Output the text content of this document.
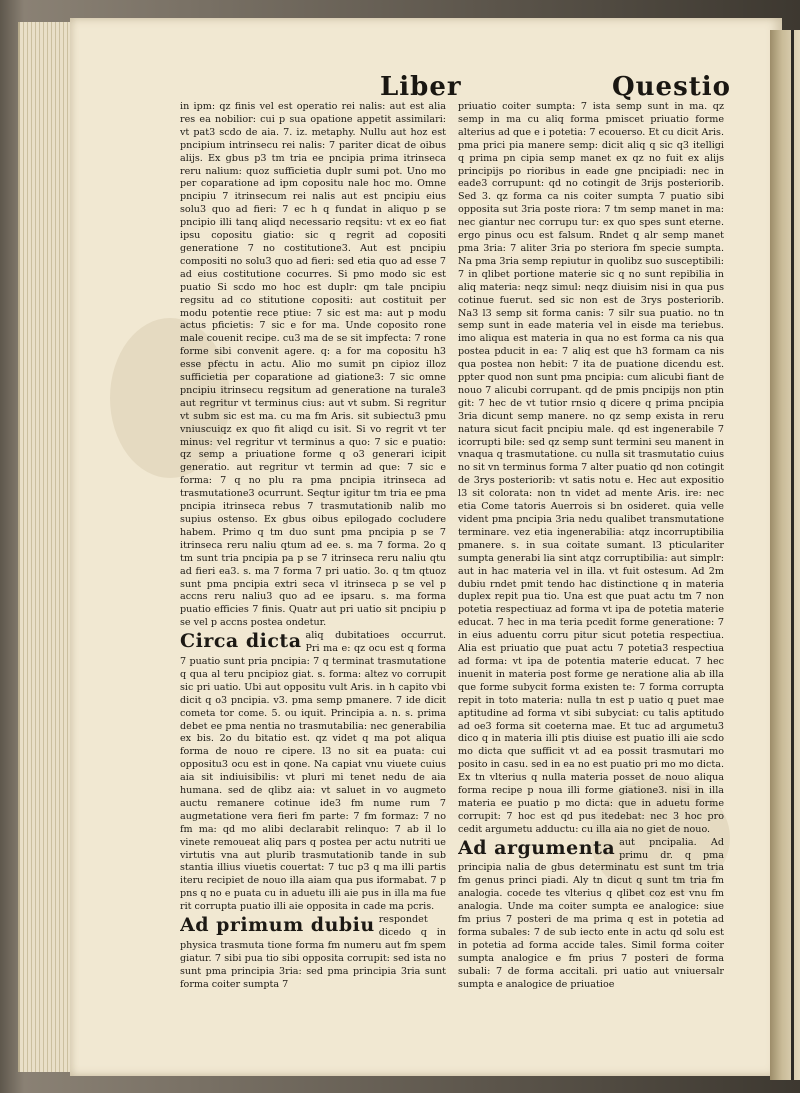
Liber	Questio

in ipm: qz finis vel est operatio rei nalis: aut est alia res ea nobilior: cui p sua opatione appetit assimilari: vt pat3 scdo de aia. 7. iz. metaphy. Nullu aut hoz est pncipium intrinsecu rei nalis: 7 pariter dicat de oibus alijs. Ex gbus p3 tm tria ee pncipia prima itrinseca reru nalium: quoz sufficietia duplr sumi pot. Uno mo per coparatione ad ipm copositu nale hoc mo. Omne pncipiu 7 itrinsecum rei nalis aut est pncipiu eius solu3 quo ad fieri: 7 ec h q fundat in aliquo p se pncipio illi tanq aliqd necessario reqsitu: vt ex eo fiat ipsu copositu giatio: sic q regrit ad copositi generatione 7 no costitutione3. Aut est pncipiu compositi no solu3 quo ad fieri: sed etia quo ad esse 7 ad eius costitutione cocurres. Si pmo modo sic est puatio Si scdo mo hoc est duplr: qm tale pncipiu regsitu ad co stitutione copositi: aut costituit per modu potentie rece ptiue: 7 sic est ma: aut p modu actus pficietis: 7 sic e for ma. Unde coposito rone male couenit recipe. cu3 ma de se sit impfecta: 7 rone forme sibi convenit agere. q: a for ma copositu h3 esse pfectu in actu. Alio mo sumit pn cipioz illoz sufficietia per coparatione ad giatione3: 7 sic omne pncipiu itrinsecu regsitum ad generatione na turale3 aut regritur vt terminus cius: aut vt subm. Si regritur vt subm sic est ma. cu ma fm Aris. sit subiectu3 pmu vniuscuiqz ex quo fit aliqd cu isit. Si vo regrit vt ter minus: vel regritur vt terminus a quo: 7 sic e puatio: qz semp a priuatione forme q o3 generari icipit generatio. aut regritur vt termin ad que: 7 sic e forma: 7 q no plu ra pma pncipia itrinseca ad trasmutatione3 ocurrunt. Seqtur igitur tm tria ee pma pncipia itrinseca rebus 7 trasmutationib nalib mo supius ostenso. Ex gbus oibus epilogado cocludere habem. Primo q tm duo sunt pma pncipia p se 7 itrinseca reru naliu qtum ad ee. s. ma 7 forma. 2o q tm sunt tria pncipia pa p se 7 itrinseca reru naliu qtu ad fieri ea3. s. ma 7 forma 7 pri uatio. 3o. q tm qtuoz sunt pma pncipia extri seca vl itrinseca p se vel p accns reru naliu3 quo ad ee ipsaru. s. ma forma puatio efficies 7 finis. Quatr aut pri uatio sit pncipiu p se vel p accns postea ondetur.

Circa dicta aliq dubitatioes occurrut. Pri ma e: qz ocu est q forma 7 puatio sunt pria pncipia: 7 q terminat trasmutatione q qua al teru pncipioz giat. s. forma: altez vo corrupit sic pri uatio. Ubi aut oppositu vult Aris. in h capito vbi dicit q o3 pncipia. v3. pma semp pmanere. 7 ide dicit cometa tor come. 5. ou iquit. Principia a. n. s. prima debet ee pma nentia no trasmutabilia: nec generabilia ex bis. 2o du bitatio est. qz videt q ma pot aliqua forma de nouo re cipere. l3 no sit ea puata: cui oppositu3 ocu est in qone. Na capiat vnu viuete cuius aia sit indiuisibilis: vt pluri mi tenet nedu de aia humana. sed de qlibz aia: vt saluet in vo augmeto auctu remanere cotinue ide3 fm nume rum 7 augmetatione vera fieri fm parte: 7 fm formaz: 7 no fm ma: qd mo alibi declarabit relinquo: 7 ab il lo vinete remoueat aliq pars q postea per actu nutriti ue virtutis vna aut plurib trasmutationib tande in sub stantia illius viuetis couertat: 7 tuc p3 q ma illi partis iteru recipiet de nouo illa aiam qua pus iformabat. 7 p pns q no e puata cu in aduetu illi aie pus in illa ma fue rit corrupta puatio illi aie opposita in cade ma pcris.

Ad primum dubiu respondet dicedo q in physica trasmuta tione forma fm numeru aut fm spem giatur. 7 sibi pua tio sibi opposita corrupit: sed ista no sunt pma principia 3ria: sed pma principia 3ria sunt forma coiter sumpta 7

priuatio coiter sumpta: 7 ista semp sunt in ma. qz semp in ma cu aliq forma pmiscet priuatio forme alterius ad que e i potetia: 7 ecouerso. Et cu dicit Aris. pma prici pia manere semp: dicit aliq q sic q3 itelligi q prima pn cipia semp manet ex qz no fuit ex alijs principijs po rioribus in eade gne pncipiadi: nec in eade3 corrupunt: qd no cotingit de 3rijs posteriorib. Sed 3. qz forma ca nis coiter sumpta 7 puatio sibi opposita sut 3ria poste riora: 7 tm semp manet in ma: nec giantur nec corrupu tur: ex quo spes sunt eterne. ergo pinus ocu est falsum. Rndet q alr semp manet pma 3ria: 7 aliter 3ria po steriora fm specie sumpta. Na pma 3ria semp repiutur in quolibz suo susceptibili: 7 in qlibet portione materie sic q no sunt repibilia in aliq materia: neqz simul: neqz diuisim nisi in qua pus cotinue fuerut. sed sic non est de 3rys posteriorib. Na3 l3 semp sit forma canis: 7 silr sua puatio. no tn semp sunt in eade materia vel in eisde ma teriebus. imo aliqua est materia in qua no est forma ca nis qua postea pducit in ea: 7 aliq est que h3 formam ca nis qua postea non hebit: 7 ita de puatione dicendu est. ppter quod non sunt pma pncipia: cum alicubi fiant de nouo 7 alicubi corrupant. qd de pmis pncipijs non ptin git: 7 hec de vt tutior rnsio q dicere q prima pncipia 3ria dicunt semp manere. no qz semp exista in reru natura sicut facit pncipiu male. qd est ingenerabile 7 icorrupti bile: sed qz semp sunt termini seu manent in vnaqua q trasmutatione. cu nulla sit trasmutatio cuius no sit vn terminus forma 7 alter puatio qd non cotingit de 3rys posteriorib: vt satis notu e. Hec aut expositio l3 sit colorata: non tn videt ad mente Aris. ire: nec etia Come tatoris Auerrois si bn osideret. quia velle vident pma pncipia 3ria nedu qualibet transmutatione terminare. vez etia ingenerabilia: atqz incorruptibilia pmanere. s. in sua coitate sumant. l3 pticulariter sumpta generabi lia sint atqz corruptibilia: aut simplr: aut in hac materia vel in illa. vt fuit ostesum. Ad 2m dubiu rndet pmit tendo hac distinctione q in materia duplex repit pua tio. Una est que puat actu tm 7 non potetia respectiuaz ad forma vt ipa de potetia materie educat. 7 hec in ma teria pcedit forme generatione: 7 in eius aduentu corru pitur sicut potetia respectiua. Alia est priuatio que puat actu 7 potetia3 respectiua ad forma: vt ipa de potentia materie educat. 7 hec inuenit in materia post forme ge neratione alia ab illa que forme subycit forma existen te: 7 forma corrupta repit in toto materia: nulla tn est p uatio q puet mae aptitudine ad forma vt sibi subyciat: cu talis aptitudo ad oe3 forma sit coeterna mae. Et tuc ad argumetu3 dico q in materia illi ptis diuise est puatio illi aie scdo mo dicta que sufficit vt ad ea possit trasmutari mo posito in casu. sed in ea no est puatio pri mo mo dicta. Ex tn vlterius q nulla materia posset de nouo aliqua forma recipe p noua illi forme giatione3. nisi in illa materia ee puatio p mo dicta: que in aduetu forme corrupit: 7 hoc est qd pus itedebat: nec 3 hoc pro cedit argumetu adductu: cu illa aia no giet de nouo.

Ad argumenta aut pncipalia. Ad primu dr. q pma principia nalia de gbus determinatu est sunt tm tria fm genus princi piadi. Aly tn dicut q sunt tm tria fm analogia. cocede tes vlterius q qlibet coz est vnu fm analogia. Unde ma coiter sumpta ee analogice: siue fm prius 7 posteri de ma prima q est in potetia ad forma subales: 7 de sub iecto ente in actu qd solu est in potetia ad forma accide tales. Simil forma coiter sumpta analogice e fm prius 7 posteri de forma subali: 7 de forma accitali. pri uatio aut vniuersalr sumpta e analogice de priuatioe
